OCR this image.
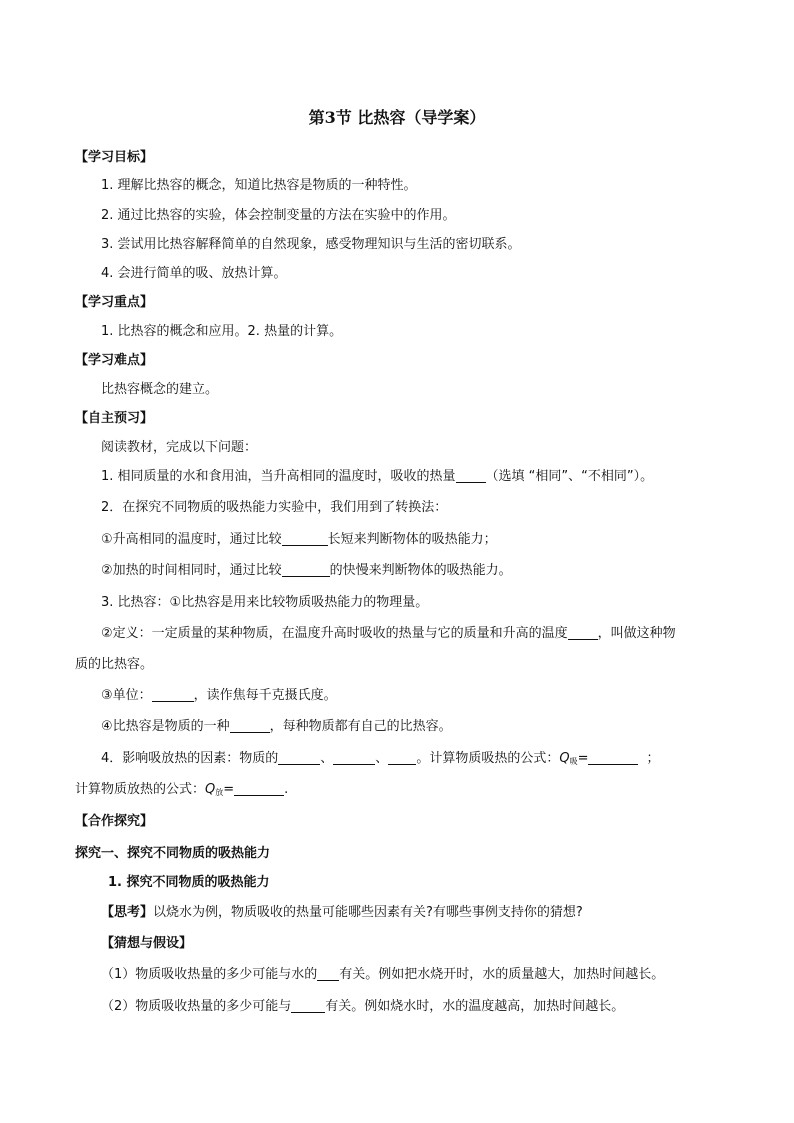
第3节 比热容（导学案）
【学习目标】
1. 理解比热容的概念，知道比热容是物质的一种特性。
2. 通过比热容的实验，体会控制变量的方法在实验中的作用。
3. 尝试用比热容解释简单的自然现象，感受物理知识与生活的密切联系。
4. 会进行简单的吸、放热计算。
【学习重点】
1. 比热容的概念和应用。2. 热量的计算。
【学习难点】
比热容概念的建立。
【自主预习】
阅读教材，完成以下问题：
1. 相同质量的水和食用油，当升高相同的温度时，吸收的热量 （选填 “相同”、“不相同”）。
2．在探究不同物质的吸热能力实验中，我们用到了转换法：
①升高相同的温度时，通过比较	长短来判断物体的吸热能力；
②加热的时间相同时，通过比较	的快慢来判断物体的吸热能力。
3. 比热容：①比热容是用来比较物质吸热能力的物理量。
②定义：一定质量的某种物质，在温度升高时吸收的热量与它的质量和升高的温度 ，叫做这种物
质的比热容。
③单位：	，读作焦每千克摄氏度。
④比热容是物质的一种	，每种物质都有自己的比热容。
4．影响吸放热的因素：物质的	、	、 。计算物质吸热的公式：$Q_吸=$	；
计算物质放热的公式：$Q_放=$	.
【合作探究】
探究一、探究不同物质的吸热能力
1. 探究不同物质的吸热能力
【思考】以烧水为例，物质吸收的热量可能哪些因素有关?有哪些事例支持你的猜想?
【猜想与假设】
（1）物质吸收热量的多少可能与水的 有关。例如把水烧开时，水的质量越大，加热时间越长。
（2）物质吸收热量的多少可能与	有关。例如烧水时，水的温度越高，加热时间越长。
